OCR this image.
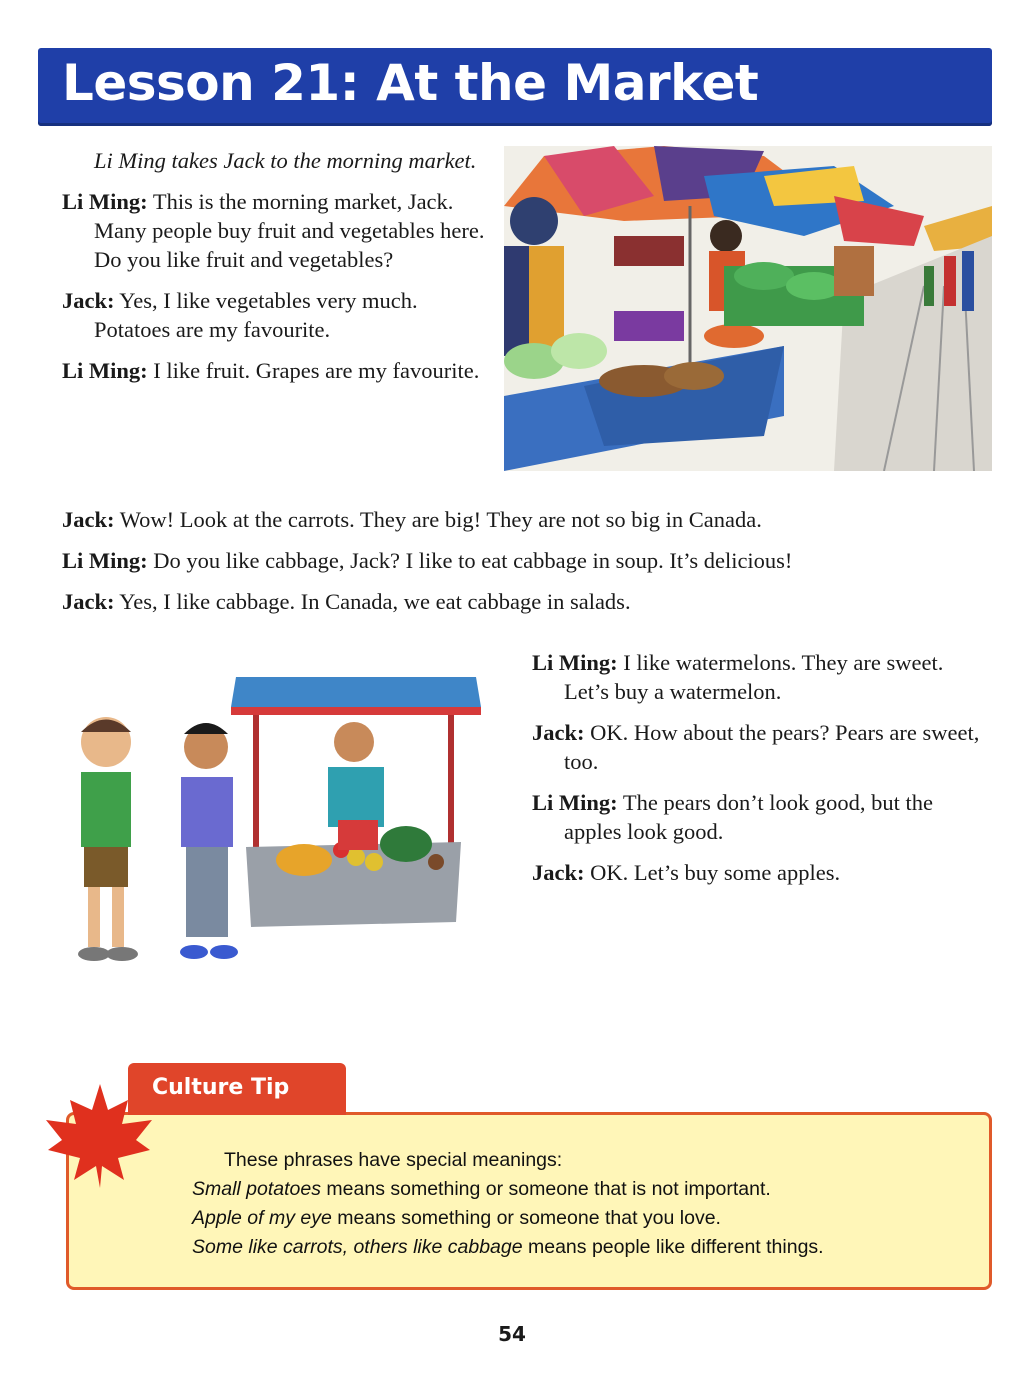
Lesson 21: At the Market

Li Ming takes Jack to the morning market.

Li Ming: This is the morning market, Jack. Many people buy fruit and vegetables here. Do you like fruit and vegetables?

Jack: Yes, I like vegetables very much. Potatoes are my favourite.

Li Ming: I like fruit. Grapes are my favourite.

Jack: Wow! Look at the carrots. They are big! They are not so big in Canada.

Li Ming: Do you like cabbage, Jack? I like to eat cabbage in soup. It’s delicious!

Jack: Yes, I like cabbage. In Canada, we eat cabbage in salads.

Li Ming: I like watermelons. They are sweet. Let’s buy a watermelon.

Jack: OK. How about the pears? Pears are sweet, too.

Li Ming: The pears don’t look good, but the apples look good.

Jack: OK. Let’s buy some apples.

Culture Tip
These phrases have special meanings:
Small potatoes means something or someone that is not important.
Apple of my eye means something or someone that you love.
Some like carrots, others like cabbage means people like different things.
54
